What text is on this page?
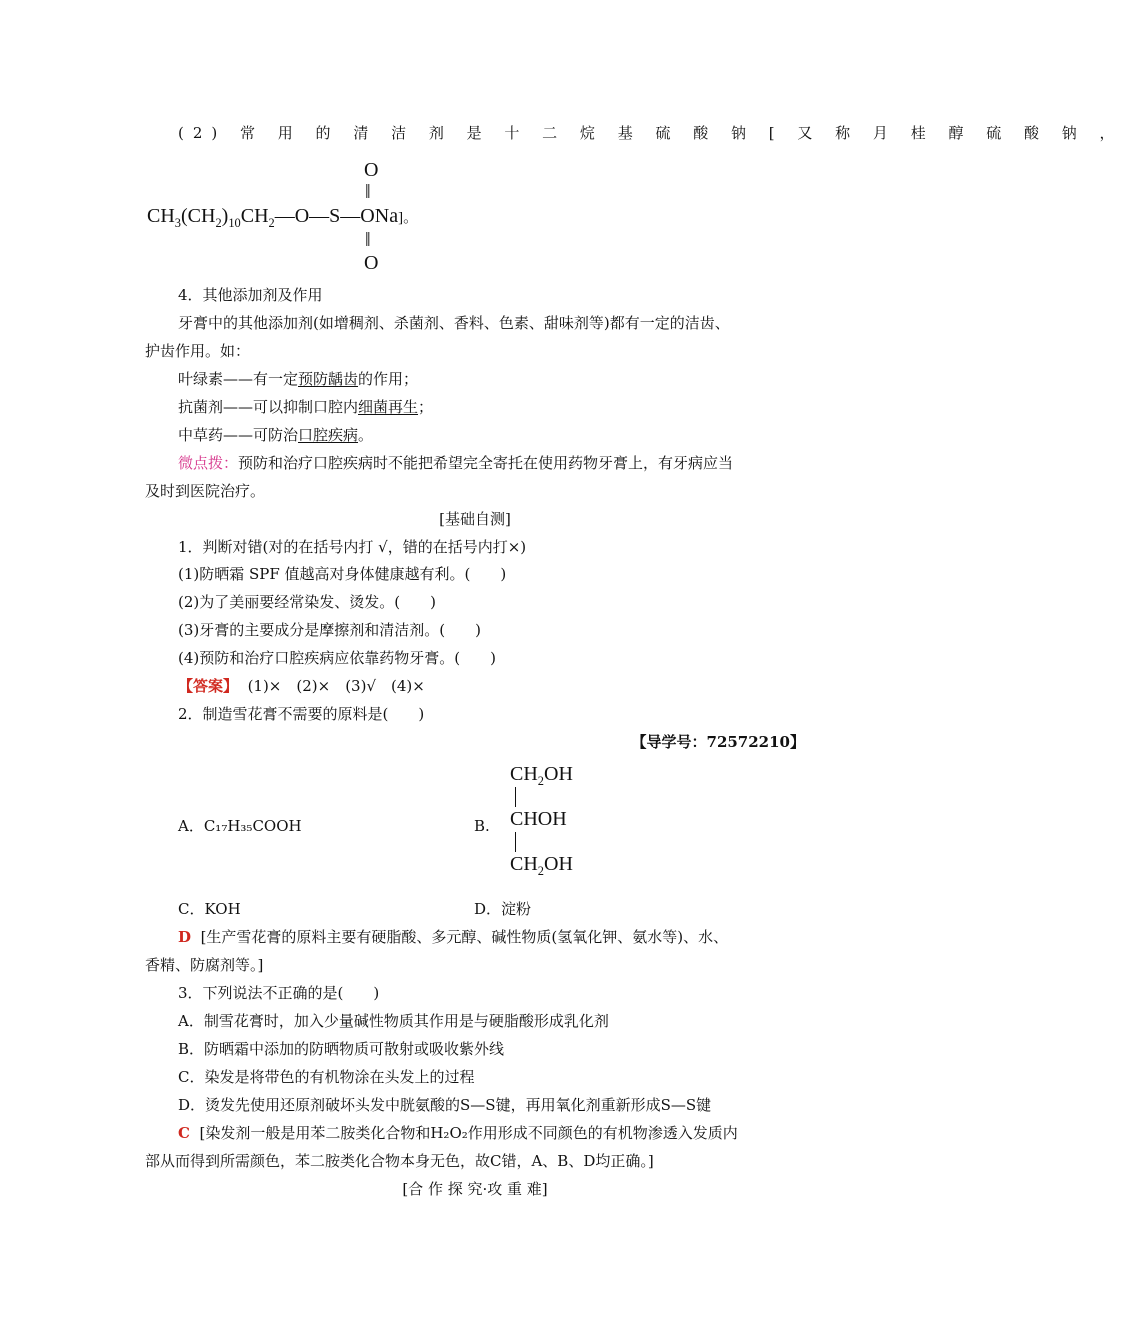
(2) 常 用 的 清 洁 剂 是 十 二 烷 基 硫 酸 钠 [ 又 称 月 桂 醇 硫 酸 钠 ，
O
‖
$CH_3(CH_2)_{10}CH_2—O—S—ONa$]。
‖
O
4．其他添加剂及作用
牙膏中的其他添加剂(如增稠剂、杀菌剂、香料、色素、甜味剂等)都有一定的洁齿、
护齿作用。如：
叶绿素——有一定预防龋齿的作用；
抗菌剂——可以抑制口腔内细菌再生；
中草药——可防治口腔疾病。
微点拨：预防和治疗口腔疾病时不能把希望完全寄托在使用药物牙膏上，有牙病应当
及时到医院治疗。
[基础自测]
1．判断对错(对的在括号内打 √，错的在括号内打×)
(1)防晒霜 SPF 值越高对身体健康越有利。(　　)
(2)为了美丽要经常染发、烫发。(　　)
(3)牙膏的主要成分是摩擦剂和清洁剂。(　　)
(4)预防和治疗口腔疾病应依靠药物牙膏。(　　)
【答案】 (1)×　(2)×　(3)√　(4)×
2．制造雪花膏不需要的原料是(　　)
【导学号：72572210】
A．C₁₇H₃₅COOH	B.
$CH_2OH$
CHOH
$CH_2OH$
C．KOH	D．淀粉
D [生产雪花膏的原料主要有硬脂酸、多元醇、碱性物质(氢氧化钾、氨水等)、水、
香精、防腐剂等。]
3．下列说法不正确的是(　　)
A．制雪花膏时，加入少量碱性物质其作用是与硬脂酸形成乳化剂
B．防晒霜中添加的防晒物质可散射或吸收紫外线
C．染发是将带色的有机物涂在头发上的过程
D．烫发先使用还原剂破坏头发中胱氨酸的S—S键，再用氧化剂重新形成S—S键
C [染发剂一般是用苯二胺类化合物和H₂O₂作用形成不同颜色的有机物渗透入发质内
部从而得到所需颜色，苯二胺类化合物本身无色，故C错，A、B、D均正确。]
[合 作 探 究·攻 重 难]
